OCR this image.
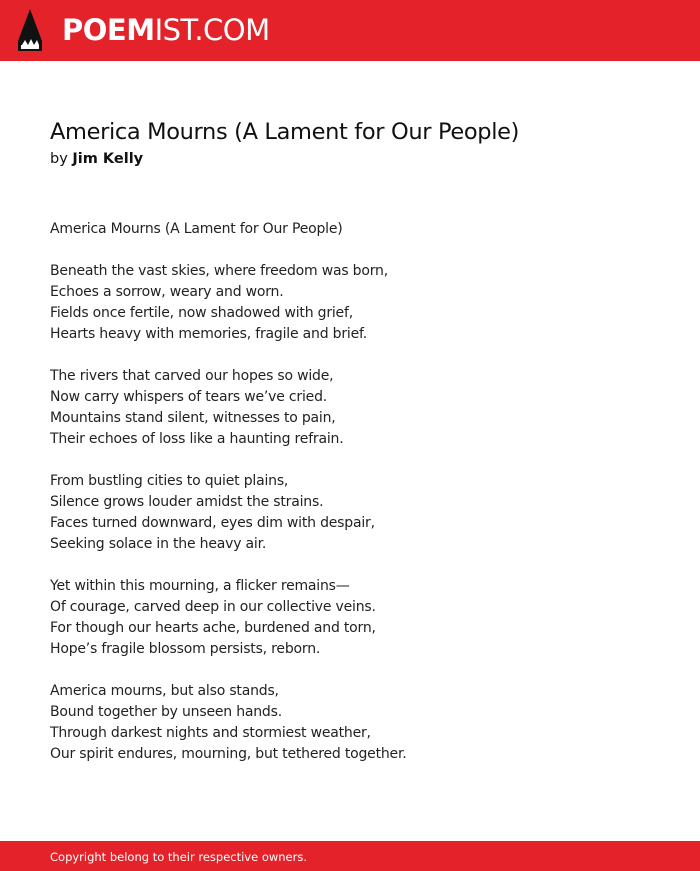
POEMIST.COM
America Mourns (A Lament for Our People)
by Jim Kelly
America Mourns (A Lament for Our People)
Beneath the vast skies, where freedom was born,
Echoes a sorrow, weary and worn.
Fields once fertile, now shadowed with grief,
Hearts heavy with memories, fragile and brief.
The rivers that carved our hopes so wide,
Now carry whispers of tears we’ve cried.
Mountains stand silent, witnesses to pain,
Their echoes of loss like a haunting refrain.
From bustling cities to quiet plains,
Silence grows louder amidst the strains.
Faces turned downward, eyes dim with despair,
Seeking solace in the heavy air.
Yet within this mourning, a flicker remains—
Of courage, carved deep in our collective veins.
For though our hearts ache, burdened and torn,
Hope’s fragile blossom persists, reborn.
America mourns, but also stands,
Bound together by unseen hands.
Through darkest nights and stormiest weather,
Our spirit endures, mourning, but tethered together.
Copyright belong to their respective owners.
